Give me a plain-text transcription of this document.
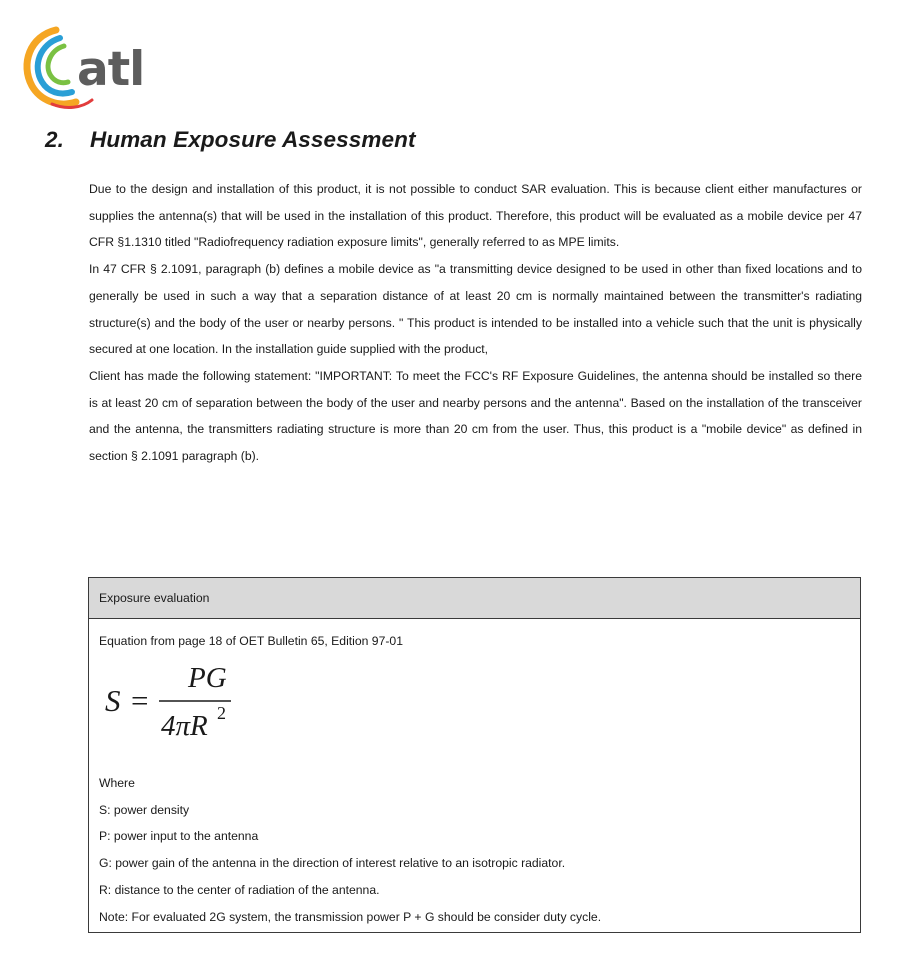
atl
2. Human Exposure Assessment

Due to the design and installation of this product, it is not possible to conduct SAR evaluation. This is because client either manufactures or supplies the antenna(s) that will be used in the installation of this product. Therefore, this product will be evaluated as a mobile device per 47 CFR §1.1310 titled "Radiofrequency radiation exposure limits", generally referred to as MPE limits.

In 47 CFR § 2.1091, paragraph (b) defines a mobile device as "a transmitting device designed to be used in other than fixed locations and to generally be used in such a way that a separation distance of at least 20 cm is normally maintained between the transmitter's radiating structure(s) and the body of the user or nearby persons. " This product is intended to be installed into a vehicle such that the unit is physically secured at one location. In the installation guide supplied with the product,

Client has made the following statement: "IMPORTANT: To meet the FCC's RF Exposure Guidelines, the antenna should be installed so there is at least 20 cm of separation between the body of the user and nearby persons and the antenna". Based on the installation of the transceiver and the antenna, the transmitters radiating structure is more than 20 cm from the user. Thus, this product is a "mobile device" as defined in section § 2.1091 paragraph (b).

Exposure evaluation
Equation from page 18 of OET Bulletin 65, Edition 97-01
S =
PG
4πR 2
Where
S: power density
P: power input to the antenna
G: power gain of the antenna in the direction of interest relative to an isotropic radiator.
R: distance to the center of radiation of the antenna.
Note: For evaluated 2G system, the transmission power P + G should be consider duty cycle.
